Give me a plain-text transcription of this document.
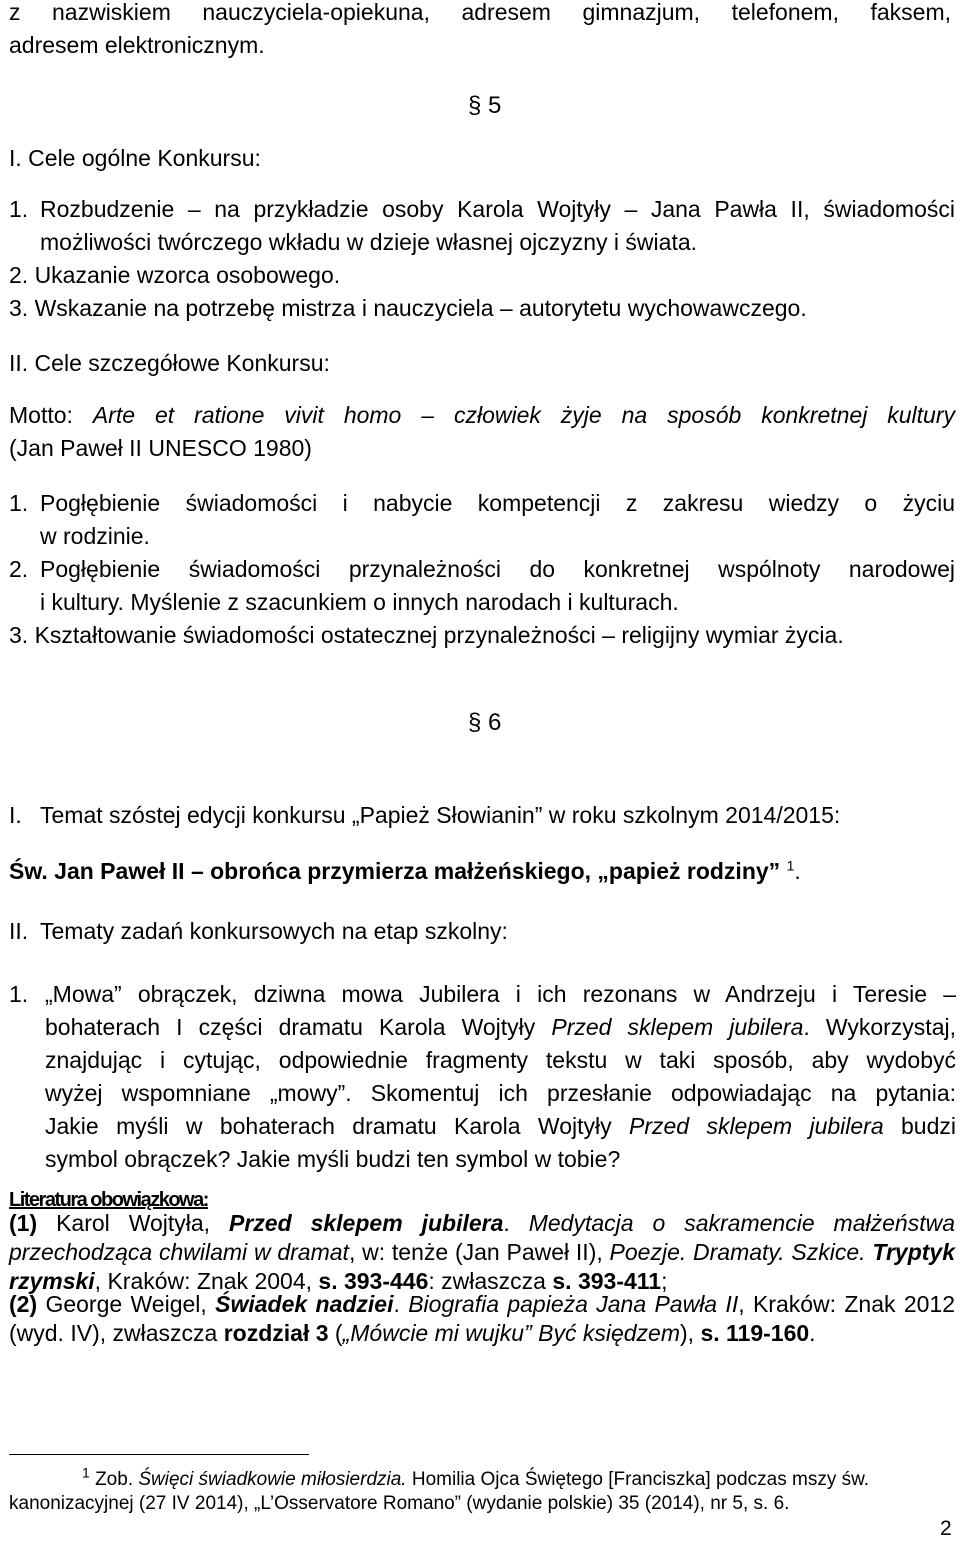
z nazwiskiem nauczyciela-opiekuna, adresem gimnazjum, telefonem, faksem,
adresem elektronicznym.
§ 5
I. Cele ogólne Konkursu:
1. Rozbudzenie – na przykładzie osoby Karola Wojtyły – Jana Pawła II, świadomości
możliwości twórczego wkładu w dzieje własnej ojczyzny i świata.
2. Ukazanie wzorca osobowego.
3. Wskazanie na potrzebę mistrza i nauczyciela – autorytetu wychowawczego.
II. Cele szczegółowe Konkursu:
Motto: Arte et ratione vivit homo – człowiek żyje na sposób konkretnej kultury
(Jan Paweł II UNESCO 1980)
1. Pogłębienie świadomości i nabycie kompetencji z zakresu wiedzy o życiu
w rodzinie.
2. Pogłębienie świadomości przynależności do konkretnej wspólnoty narodowej
i kultury. Myślenie z szacunkiem o innych narodach i kulturach.
3. Kształtowanie świadomości ostatecznej przynależności – religijny wymiar życia.
§ 6
I. Temat szóstej edycji konkursu „Papież Słowianin” w roku szkolnym 2014/2015:
Św. Jan Paweł II – obrońca przymierza małżeńskiego, „papież rodziny” $^1$.
II. Tematy zadań konkursowych na etap szkolny:
1. „Mowa” obrączek, dziwna mowa Jubilera i ich rezonans w Andrzeju i Teresie –
bohaterach I części dramatu Karola Wojtyły Przed sklepem jubilera. Wykorzystaj,
znajdując i cytując, odpowiednie fragmenty tekstu w taki sposób, aby wydobyć
wyżej wspomniane „mowy”. Skomentuj ich przesłanie odpowiadając na pytania:
Jakie myśli w bohaterach dramatu Karola Wojtyły Przed sklepem jubilera budzi
symbol obrączek? Jakie myśli budzi ten symbol w tobie?
Literatura obowiązkowa:
(1) Karol Wojtyła, Przed sklepem jubilera. Medytacja o sakramencie małżeństwa
przechodząca chwilami w dramat, w: tenże (Jan Paweł II), Poezje. Dramaty. Szkice. Tryptyk
rzymski, Kraków: Znak 2004, s. 393-446: zwłaszcza s. 393-411;
(2) George Weigel, Świadek nadziei. Biografia papieża Jana Pawła II, Kraków: Znak 2012
(wyd. IV), zwłaszcza rozdział 3 („Mówcie mi wujku” Być księdzem), s. 119-160.
$^1$ Zob. Święci świadkowie miłosierdzia. Homilia Ojca Świętego [Franciszka] podczas mszy św.
kanonizacyjnej (27 IV 2014), „L’Osservatore Romano” (wydanie polskie) 35 (2014), nr 5, s. 6.
2
